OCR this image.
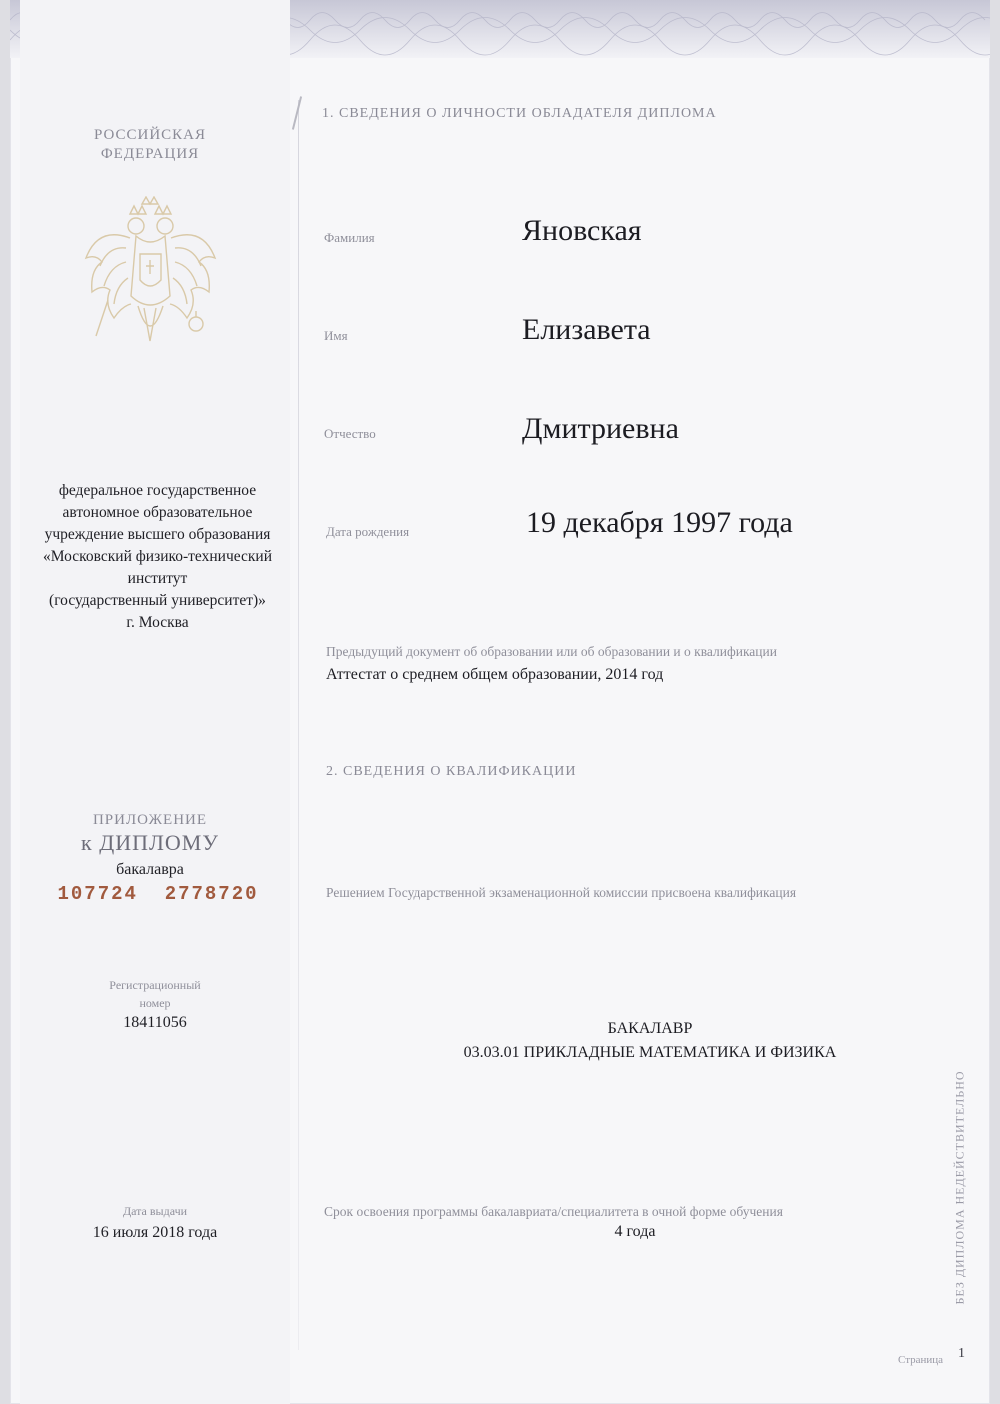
РОССИЙСКАЯ
ФЕДЕРАЦИЯ
федеральное государственное
автономное образовательное
учреждение высшего образования
«Московский физико-технический
институт
(государственный университет)»
г. Москва
ПРИЛОЖЕНИЕ
к ДИПЛОМУ
бакалавра
107724  2778720
Регистрационный
номер
18411056
Дата выдачи
16 июля 2018 года
1. СВЕДЕНИЯ О ЛИЧНОСТИ ОБЛАДАТЕЛЯ ДИПЛОМА
Фамилия	Яновская
Имя	Елизавета
Отчество	Дмитриевна
Дата рождения	19 декабря 1997 года
Предыдущий документ об образовании или об образовании и о квалификации
Аттестат о среднем общем образовании, 2014 год
2. СВЕДЕНИЯ О КВАЛИФИКАЦИИ
Решением Государственной экзаменационной комиссии присвоена квалификация
БАКАЛАВР
03.03.01 ПРИКЛАДНЫЕ МАТЕМАТИКА И ФИЗИКА
Срок освоения программы бакалавриата/специалитета в очной форме обучения
4 года	БЕЗ ДИПЛОМА НЕДЕЙСТВИТЕЛЬНО
Страница 1
